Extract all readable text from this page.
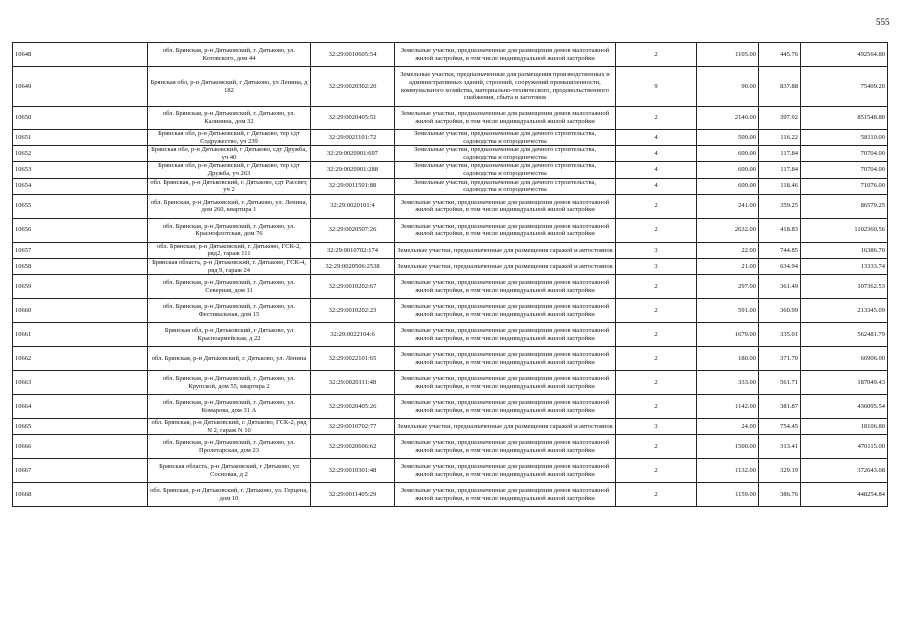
555
10648	обл. Брянская, р-н Дятьковский, г. Дятьково, ул. Котовского, дом 44	32:29:0010605:54	Земельные участки, предназначенные для размещения домов малоэтажной жилой застройки, в том числе индивидуальной жилой застройки	2	1105.00	445.76	492564.80
10649	Брянская обл, р-н Дятьковский, г Дятьково, ул Ленина, д 182	32:29:0020302:20	Земельные участки, предназначенные для размещения производственных и административных зданий, строений, сооружений промышленности, коммунального хозяйства, материально-технического, продовольственного снабжения, сбыта и заготовок	9	90.00	837.88	75409.20
10650	обл. Брянская, р-н Дятьковский, г. Дятьково, ул. Калинина, дом 32	32:29:0020405:51	Земельные участки, предназначенные для размещения домов малоэтажной жилой застройки, в том числе индивидуальной жилой застройки	2	2140.00	397.92	851548.80
10651	Брянская обл, р-н Дятьковский, г Дятьково, тер сдт Содружество, уч 239	32:29:0021101:72	Земельные участки, предназначенные для дачного строительства, садоводства и огородничества	4	500.00	116.22	58110.00
10652	Брянская обл, р-н Дятьковский, г Дятьково, сдт Дружба, уч 40	32:29:0020901:697	Земельные участки, предназначенные для дачного строительства, садоводства и огородничества	4	600.00	117.84	70704.00
10653	Брянская обл, р-н Дятьковский, г Дятьково, тер сдт Дружба, уч 263	32:29:0020901:288	Земельные участки, предназначенные для дачного строительства, садоводства и огородничества	4	600.00	117.84	70704.00
10654	обл. Брянская, р-н Дятьковский, г. Дятьково, сдт Рассвет, уч 2	32:29:0011501:88	Земельные участки, предназначенные для дачного строительства, садоводства и огородничества	4	600.00	118.46	71076.00
10655	обл. Брянская, р-н Дятьковский, г. Дятьково, ул. Ленина, дом 260, квартира 1	32:29:0020101:4	Земельные участки, предназначенные для размещения домов малоэтажной жилой застройки, в том числе индивидуальной жилой застройки	2	241.00	359.25	86579.25
10656	обл. Брянская, р-н Дятьковский, г. Дятьково, ул. Краснофлотская, дом 76	32:29:0020507:26	Земельные участки, предназначенные для размещения домов малоэтажной жилой застройки, в том числе индивидуальной жилой застройки	2	2632.00	418.83	1102360.56
10657	обл. Брянская, р-н Дятьковский, г. Дятьково, ГСК-2, ряд2, гараж 111	32:29:0010702:174	Земельные участки, предназначенные для размещения гаражей и автостоянок	3	22.00	744.85	16386.70
10658	Брянская область, р-н Дятьковский, г. Дятьково, ГСК-4, ряд 9, гараж 24	32:29:0020506:2538	Земельные участки, предназначенные для размещения гаражей и автостоянок	3	21.00	634.94	13333.74
10659	обл. Брянская, р-н Дятьковский, г. Дятьково, ул. Северная, дом 11	32:29:0010202:67	Земельные участки, предназначенные для размещения домов малоэтажной жилой застройки, в том числе индивидуальной жилой застройки	2	297.00	361.49	107362.53
10660	обл. Брянская, р-н Дятьковский, г. Дятьково, ул. Фестивальная, дом 15	32:29:0010202:23	Земельные участки, предназначенные для размещения домов малоэтажной жилой застройки, в том числе индивидуальной жилой застройки	2	591.00	360.99	213345.09
10661	Брянская обл, р-н Дятьковский, г Дятьково, ул Красноармейская, д 22	32:29:0022104:6	Земельные участки, предназначенные для размещения домов малоэтажной жилой застройки, в том числе индивидуальной жилой застройки	2	1679.00	335.01	562481.79
10662	обл. Брянская, р-н Дятьковский, г. Дятьково, ул. Ленина	32:29:0022101:65	Земельные участки, предназначенные для размещения домов малоэтажной жилой застройки, в том числе индивидуальной жилой застройки	2	180.00	371.70	66906.00
10663	обл. Брянская, р-н Дятьковский, г. Дятьково, ул. Крупской, дом 55, квартира 2	32:29:0020111:48	Земельные участки, предназначенные для размещения домов малоэтажной жилой застройки, в том числе индивидуальной жилой застройки	2	333.00	561.71	187049.43
10664	обл. Брянская, р-н Дятьковский, г. Дятьково, ул. Комарова, дом 31 А	32:29:0020405:26	Земельные участки, предназначенные для размещения домов малоэтажной жилой застройки, в том числе индивидуальной жилой застройки	2	1142.00	381.87	436095.54
10665	обл. Брянская, р-н Дятьковский, г. Дятьково, ГСК-2, ряд N 2, гараж N 10	32:29:0010702:77	Земельные участки, предназначенные для размещения гаражей и автостоянок	3	24.00	754.45	18106.80
10666	обл. Брянская, р-н Дятьковский, г. Дятьково, ул. Пролетарская, дом 23	32:29:0020606:62	Земельные участки, предназначенные для размещения домов малоэтажной жилой застройки, в том числе индивидуальной жилой застройки	2	1500.00	313.41	470115.00
10667	Брянская область, р-н Дятьковский, г Дятьково, ул Сосновая, д 2	32:29:0010301:48	Земельные участки, предназначенные для размещения домов малоэтажной жилой застройки, в том числе индивидуальной жилой застройки	2	1132.00	329.19	372643.08
10668	обл. Брянская, р-н Дятьковский, г. Дятьково, ул. Герцена, дом 10	32:29:0011405:29	Земельные участки, предназначенные для размещения домов малоэтажной жилой застройки, в том числе индивидуальной жилой застройки	2	1159.00	386.76	448254.84
